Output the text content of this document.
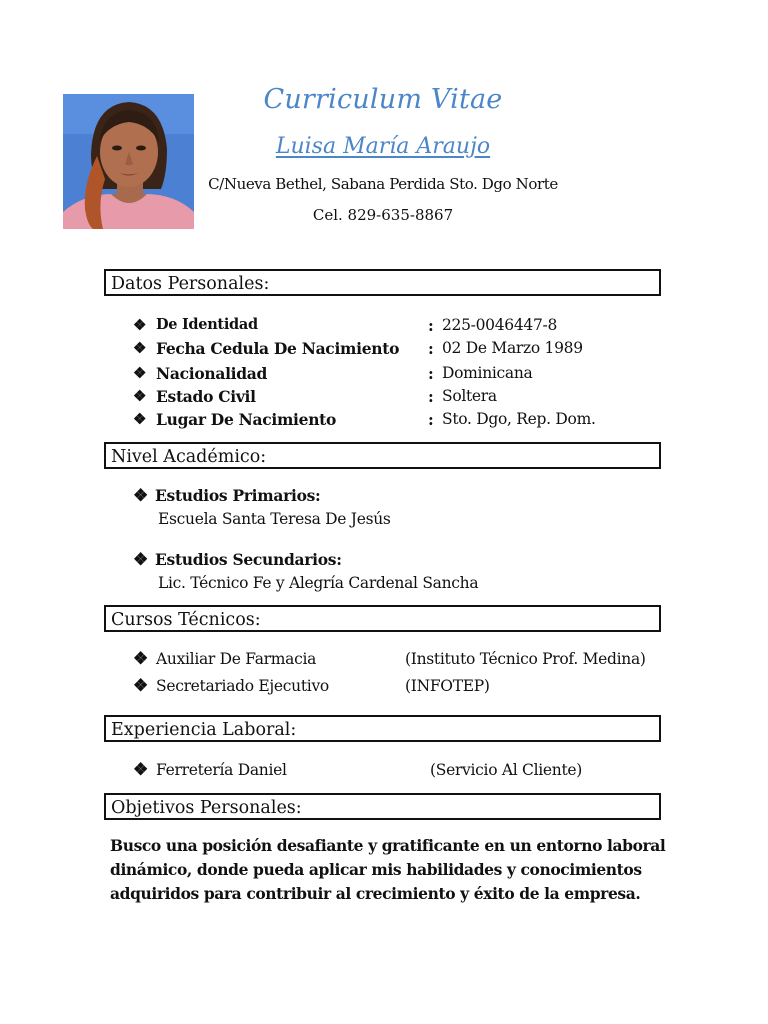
Curriculum Vitae
Luisa María Araujo
C/Nueva Bethel, Sabana Perdida Sto. Dgo Norte
Cel. 829-635-8867
Datos Personales:
❖ De Identidad	: 225-0046447-8
❖ Fecha Cedula De Nacimiento : 02 De Marzo 1989
❖ Nacionalidad	: Dominicana
❖ Estado Civil	: Soltera
❖ Lugar De Nacimiento	: Sto. Dgo, Rep. Dom.
Nivel Académico:
❖ Estudios Primarios:
Escuela Santa Teresa De Jesús
❖ Estudios Secundarios:
Lic. Técnico Fe y Alegría Cardenal Sancha
Cursos Técnicos:
❖ Auxiliar De Farmacia	(Instituto Técnico Prof. Medina)
❖ Secretariado Ejecutivo	(INFOTEP)
Experiencia Laboral:
❖ Ferretería Daniel	(Servicio Al Cliente)
Objetivos Personales:
Busco una posición desafiante y gratificante en un entorno laboral
dinámico, donde pueda aplicar mis habilidades y conocimientos
adquiridos para contribuir al crecimiento y éxito de la empresa.
